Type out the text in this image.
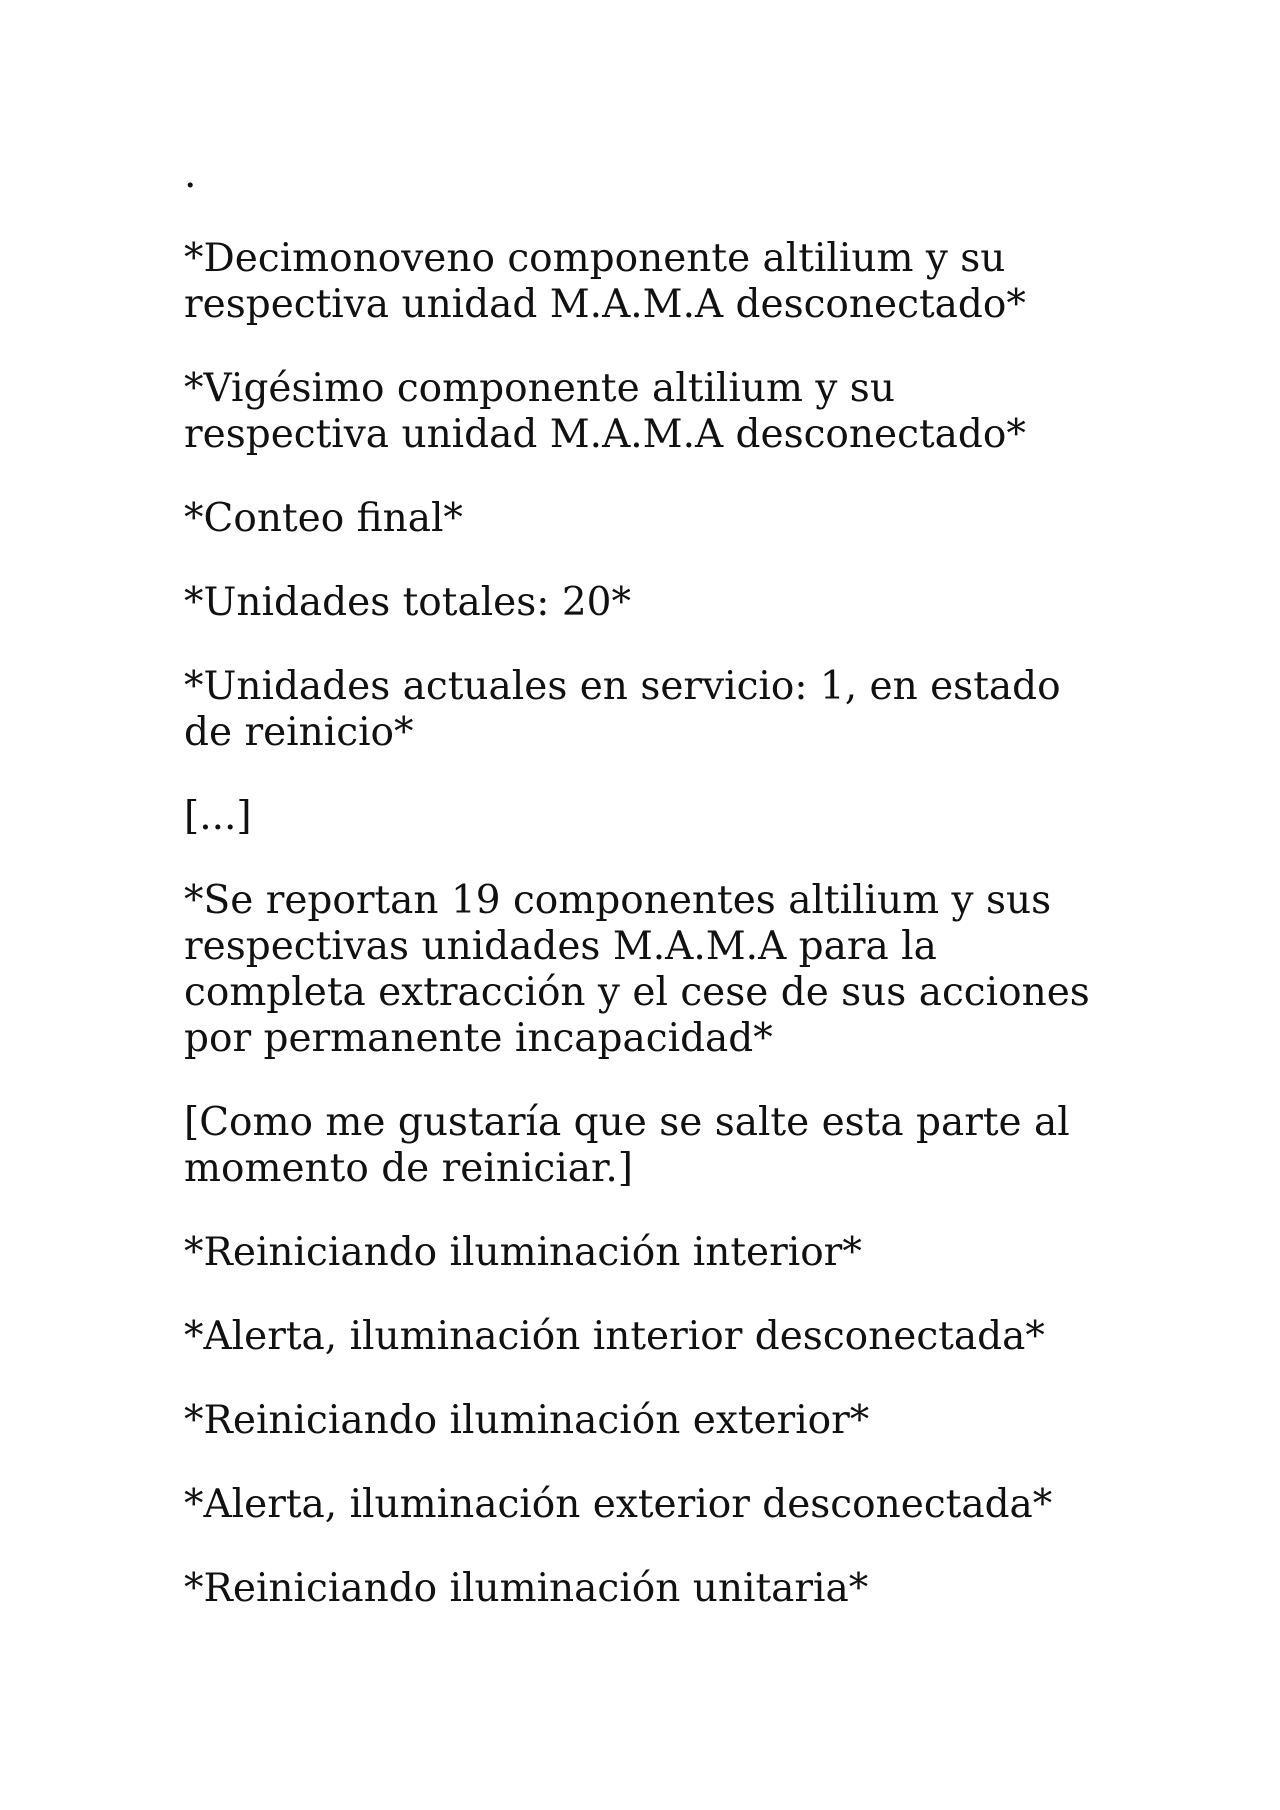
.

*Decimonoveno componente altilium y su respectiva unidad M.A.M.A desconectado*

*Vigésimo componente altilium y su respectiva unidad M.A.M.A desconectado*

*Conteo final*

*Unidades totales: 20*

*Unidades actuales en servicio: 1, en estado de reinicio*

[...]

*Se reportan 19 componentes altilium y sus respectivas unidades M.A.M.A para la completa extracción y el cese de sus acciones por permanente incapacidad*

[Como me gustaría que se salte esta parte al momento de reiniciar.]

*Reiniciando iluminación interior*

*Alerta, iluminación interior desconectada*

*Reiniciando iluminación exterior*

*Alerta, iluminación exterior desconectada*

*Reiniciando iluminación unitaria*
